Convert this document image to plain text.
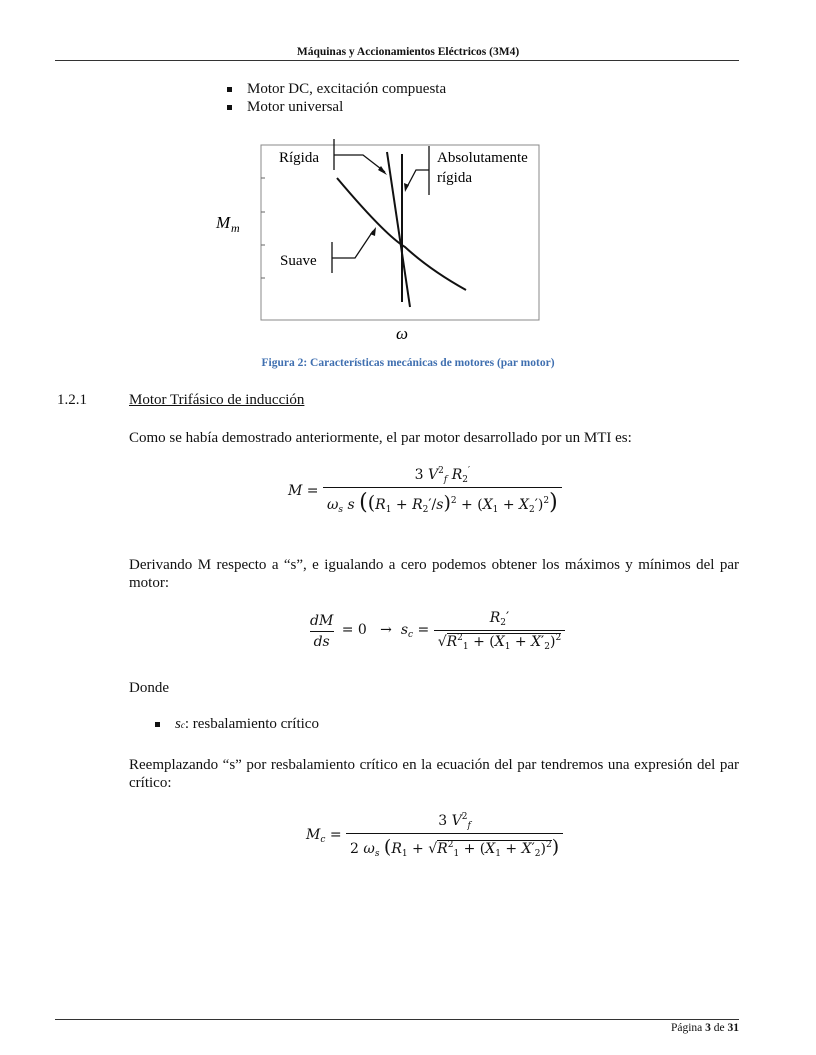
Máquinas y Accionamientos Eléctricos (3M4)
Motor DC, excitación compuesta
Motor universal
Rígida	Absolutamente
rígida
Suave
M m
ω
Figura 2: Características mecánicas de motores (par motor)
1.2.1	Motor Trifásico de inducción
Como se había demostrado anteriormente, el par motor desarrollado por un MTI es:
$M = \frac{3 V^2_f R_2'}{\omega_s s ((R_1 + R_2'/s)^2 + (X_1 + X_2')^2)}$
Derivando M respecto a “s”, e igualando a cero podemos obtener los máximos y mínimos del par motor:
$\frac{dM}{ds} = 0 \to s_c = \frac{R_2'}{√R^2_1 + (X_1 + X'_2)^2}$
Donde
s c : resbalamiento crítico
Reemplazando “s” por resbalamiento crítico en la ecuación del par tendremos una expresión del par crítico:
$M_c = \frac{3 V^2_f}{2 \omega_s (R_1 + √R^2_1 + (X_1 + X'_2)^2)}$
Página 3 de 31
